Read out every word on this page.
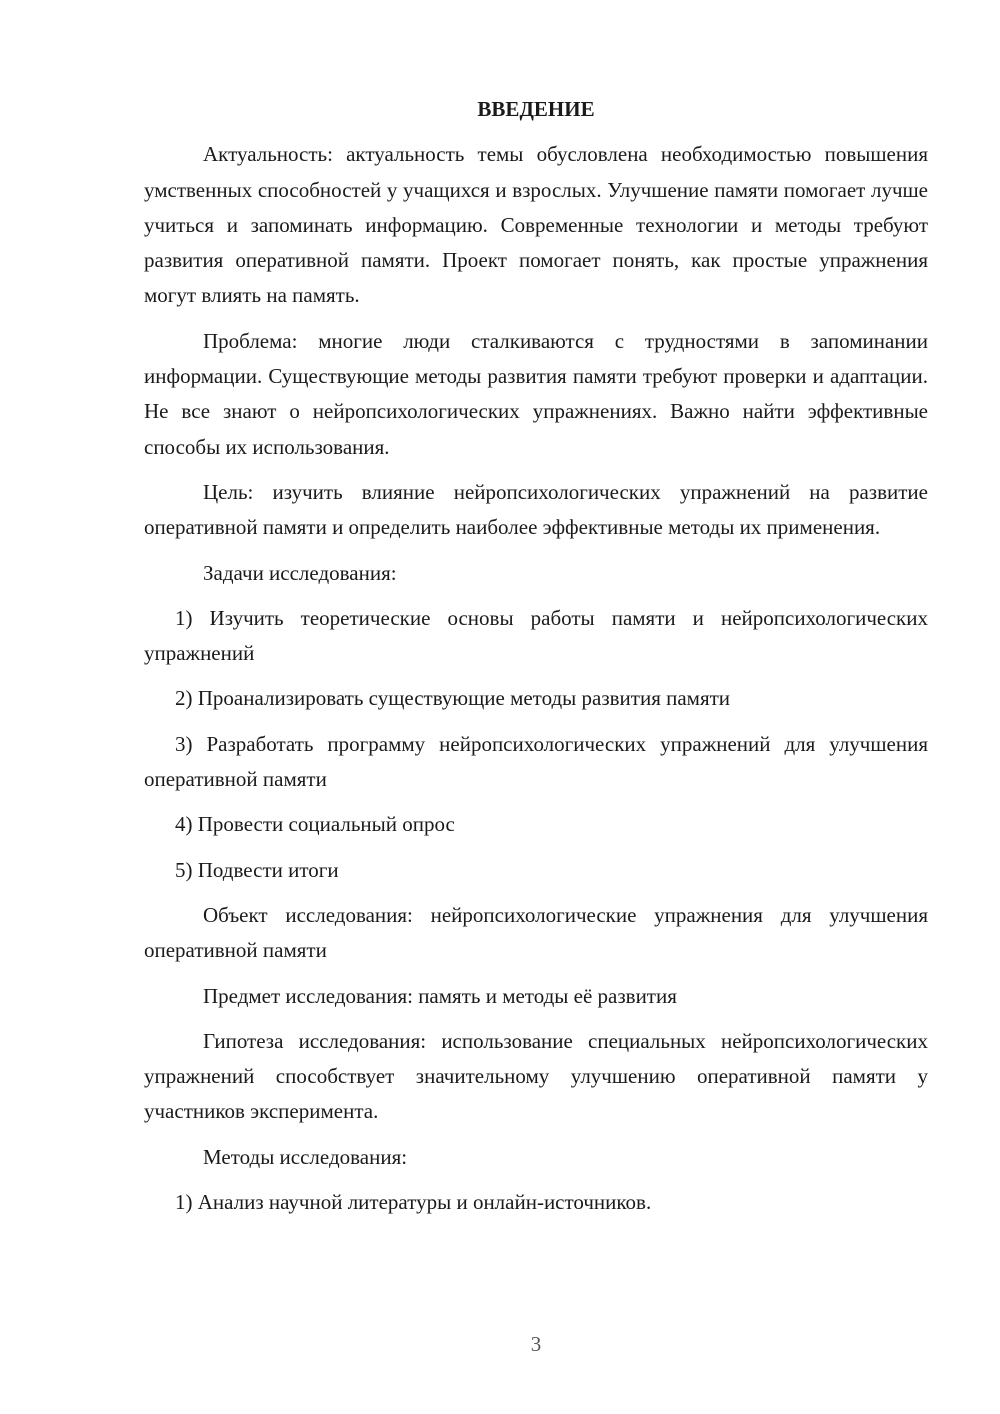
ВВЕДЕНИЕ

Актуальность: актуальность темы обусловлена необходимостью повышения умственных способностей у учащихся и взрослых. Улучшение памяти помогает лучше учиться и запоминать информацию. Современные технологии и методы требуют развития оперативной памяти. Проект помогает понять, как простые упражнения могут влиять на память.

Проблема: многие люди сталкиваются с трудностями в запоминании информации. Существующие методы развития памяти требуют проверки и адаптации. Не все знают о нейропсихологических упражнениях. Важно найти эффективные способы их использования.

Цель: изучить влияние нейропсихологических упражнений на развитие оперативной памяти и определить наиболее эффективные методы их применения.

Задачи исследования:

1) Изучить теоретические основы работы памяти и нейропсихологических упражнений

2) Проанализировать существующие методы развития памяти

3) Разработать программу нейропсихологических упражнений для улучшения оперативной памяти

4) Провести социальный опрос

5) Подвести итоги

Объект исследования: нейропсихологические упражнения для улучшения оперативной памяти

Предмет исследования: память и методы её развития

Гипотеза исследования: использование специальных нейропсихологических упражнений способствует значительному улучшению оперативной памяти у участников эксперимента.

Методы исследования:

1) Анализ научной литературы и онлайн-источников.

3
